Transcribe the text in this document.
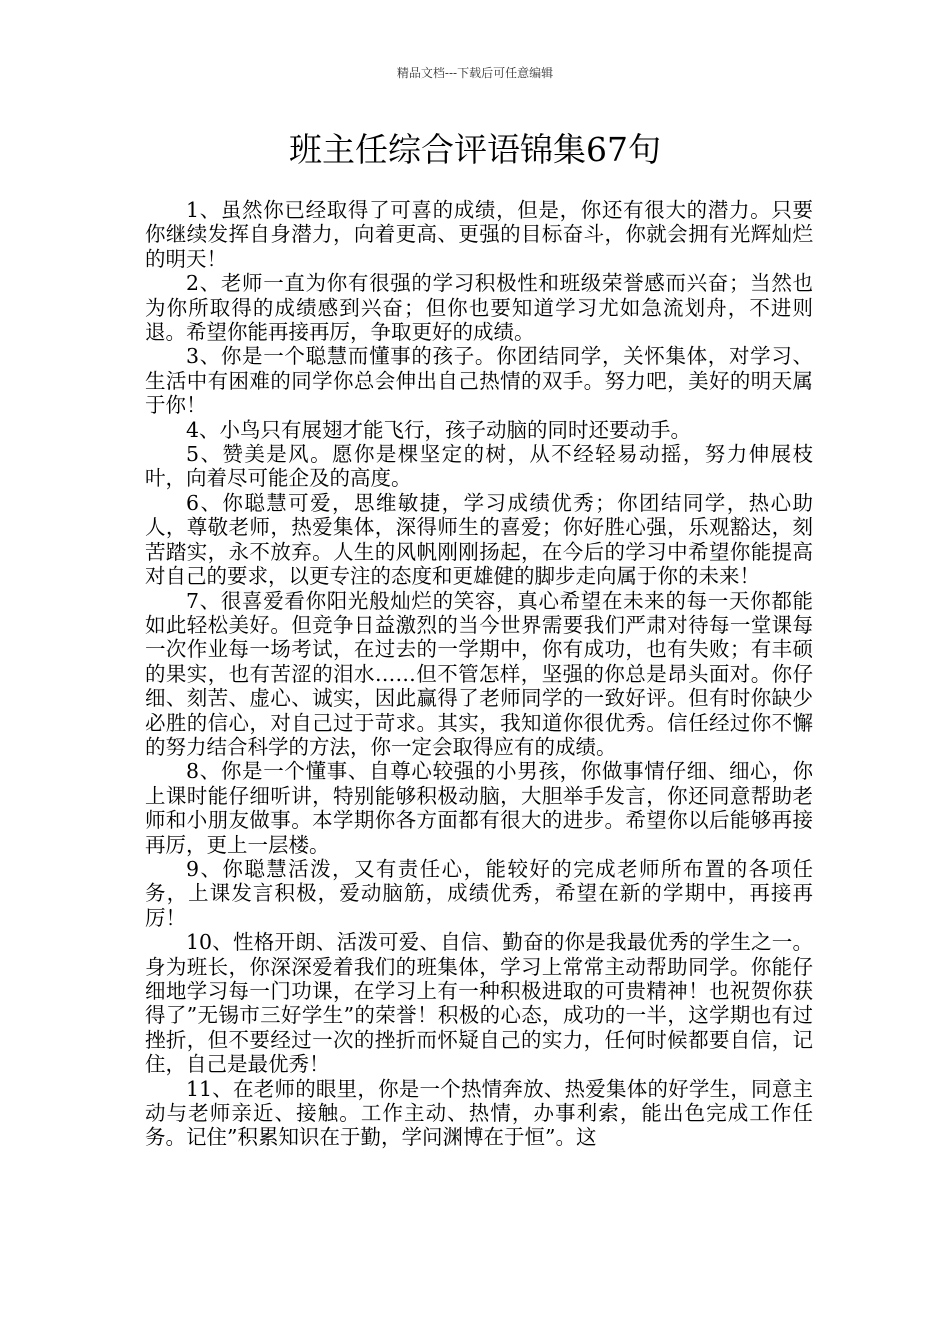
精品文档---下载后可任意编辑
班主任综合评语锦集67句

1、虽然你已经取得了可喜的成绩，但是，你还有很大的潜力。只要你继续发挥自身潜力，向着更高、更强的目标奋斗，你就会拥有光辉灿烂的明天！

2、老师一直为你有很强的学习积极性和班级荣誉感而兴奋；当然也为你所取得的成绩感到兴奋；但你也要知道学习尤如急流划舟，不进则退。希望你能再接再厉，争取更好的成绩。

3、你是一个聪慧而懂事的孩子。你团结同学，关怀集体，对学习、生活中有困难的同学你总会伸出自己热情的双手。努力吧，美好的明天属于你！

4、小鸟只有展翅才能飞行，孩子动脑的同时还要动手。

5、赞美是风。愿你是棵坚定的树，从不经轻易动摇，努力伸展枝叶，向着尽可能企及的高度。

6、你聪慧可爱，思维敏捷，学习成绩优秀；你团结同学，热心助人，尊敬老师，热爱集体，深得师生的喜爱；你好胜心强，乐观豁达，刻苦踏实，永不放弃。人生的风帆刚刚扬起，在今后的学习中希望你能提高对自己的要求，以更专注的态度和更雄健的脚步走向属于你的未来！

7、很喜爱看你阳光般灿烂的笑容，真心希望在未来的每一天你都能如此轻松美好。但竞争日益激烈的当今世界需要我们严肃对待每一堂课每一次作业每一场考试，在过去的一学期中，你有成功，也有失败；有丰硕的果实，也有苦涩的泪水……但不管怎样，坚强的你总是昂头面对。你仔细、刻苦、虚心、诚实，因此赢得了老师同学的一致好评。但有时你缺少必胜的信心，对自己过于苛求。其实，我知道你很优秀。信任经过你不懈的努力结合科学的方法，你一定会取得应有的成绩。

8、你是一个懂事、自尊心较强的小男孩，你做事情仔细、细心，你上课时能仔细听讲，特别能够积极动脑，大胆举手发言，你还同意帮助老师和小朋友做事。本学期你各方面都有很大的进步。希望你以后能够再接再厉，更上一层楼。

9、你聪慧活泼，又有责任心，能较好的完成老师所布置的各项任务，上课发言积极，爱动脑筋，成绩优秀，希望在新的学期中，再接再厉！

10、性格开朗、活泼可爱、自信、勤奋的你是我最优秀的学生之一。身为班长，你深深爱着我们的班集体，学习上常常主动帮助同学。你能仔细地学习每一门功课，在学习上有一种积极进取的可贵精神！也祝贺你获得了”无锡市三好学生”的荣誉！积极的心态，成功的一半，这学期也有过挫折，但不要经过一次的挫折而怀疑自己的实力，任何时候都要自信，记住，自己是最优秀！

11、在老师的眼里，你是一个热情奔放、热爱集体的好学生，同意主动与老师亲近、接触。工作主动、热情，办事利索，能出色完成工作任务。记住”积累知识在于勤，学问渊博在于恒”。这
